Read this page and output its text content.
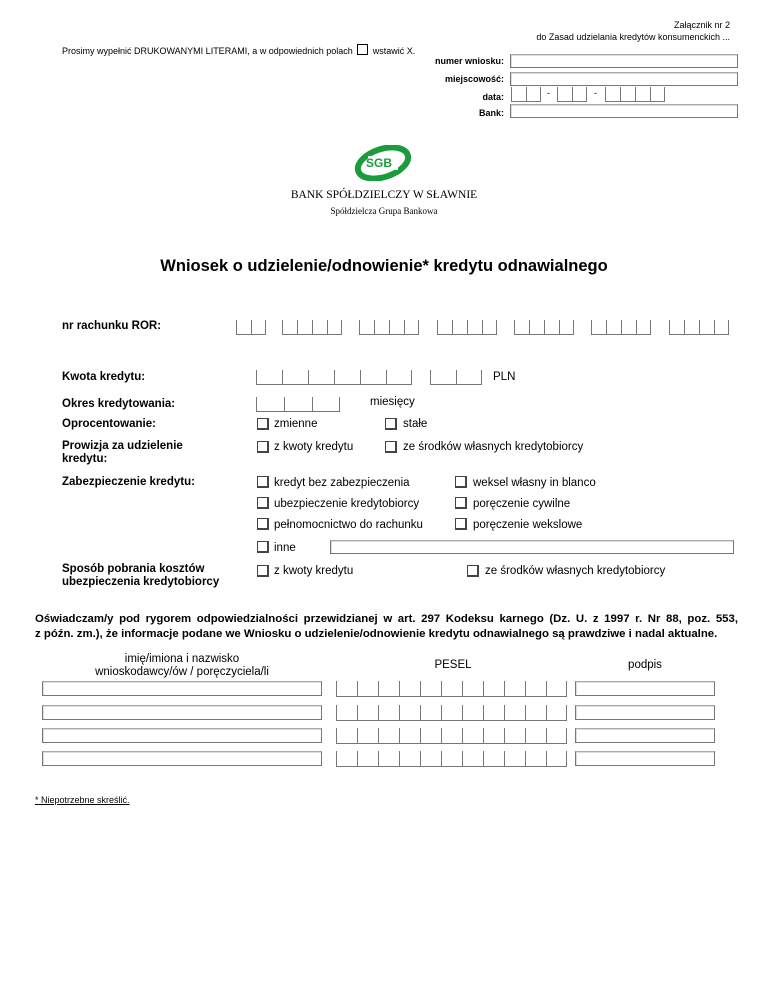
Załącznik nr 2
do Zasad udzielania kredytów konsumenckich ...
Prosimy wypełnić DRUKOWANYMI LITERAMI, a w odpowiednich polach wstawić X.
numer wniosku:
miejscowość:
data:	-	-
Bank:
SGB
BANK SPÓŁDZIELCZY W SŁAWNIE
Spółdzielcza Grupa Bankowa
Wniosek o udzielenie/odnowienie* kredytu odnawialnego
nr rachunku ROR:
Kwota kredytu:	PLN
Okres kredytowania:	miesięcy
Oprocentowanie:	zmienne	stałe
Prowizja za udzielenie
kredytu:
z kwoty kredytu	ze środków własnych kredytobiorcy
Zabezpieczenie kredytu:	kredyt bez zabezpieczenia	weksel własny in blanco
ubezpieczenie kredytobiorcy	poręczenie cywilne
pełnomocnictwo do rachunku	poręczenie wekslowe
inne
Sposób pobrania kosztów
ubezpieczenia kredytobiorcy
z kwoty kredytu	ze środków własnych kredytobiorcy
Oświadczam/y pod rygorem odpowiedzialności przewidzianej w art. 297 Kodeksu karnego (Dz. U. z 1997 r. Nr 88, poz. 553,
z późn. zm.), że informacje podane we Wniosku o udzielenie/odnowienie kredytu odnawialnego są prawdziwe i nadal aktualne.
imię/imiona i nazwisko
wnioskodawcy/ów / poręczyciela/li
PESEL	podpis
* Niepotrzebne skreślić.
